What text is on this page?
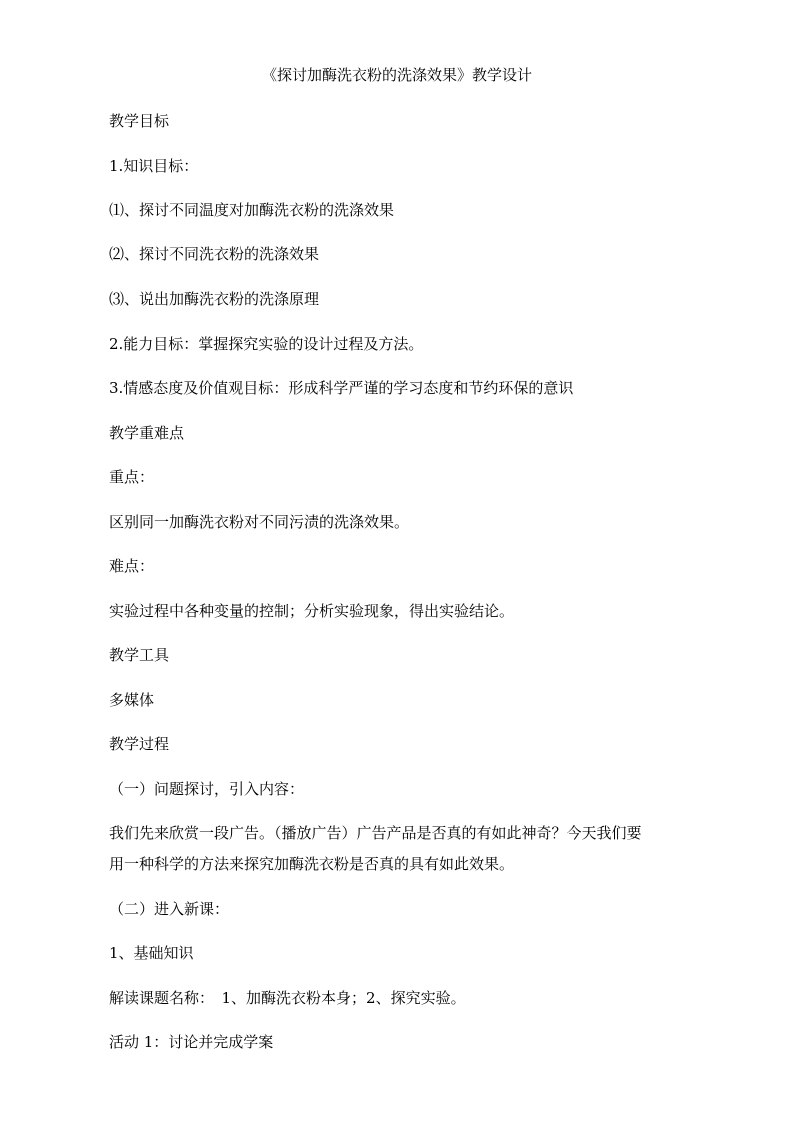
《探讨加酶洗衣粉的洗涤效果》教学设计
教学目标
1.知识目标：
⑴、探讨不同温度对加酶洗衣粉的洗涤效果
⑵、探讨不同洗衣粉的洗涤效果
⑶、说出加酶洗衣粉的洗涤原理
2.能力目标：掌握探究实验的设计过程及方法。
3.情感态度及价值观目标：形成科学严谨的学习态度和节约环保的意识
教学重难点
重点：
区别同一加酶洗衣粉对不同污渍的洗涤效果。
难点：
实验过程中各种变量的控制；分析实验现象，得出实验结论。
教学工具
多媒体
教学过程
（一）问题探讨，引入内容：
我们先来欣赏一段广告。（播放广告）广告产品是否真的有如此神奇？今天我们要
用一种科学的方法来探究加酶洗衣粉是否真的具有如此效果。
（二）进入新课：
1、基础知识
解读课题名称：　1、加酶洗衣粉本身；2、探究实验。
活动 1：讨论并完成学案
